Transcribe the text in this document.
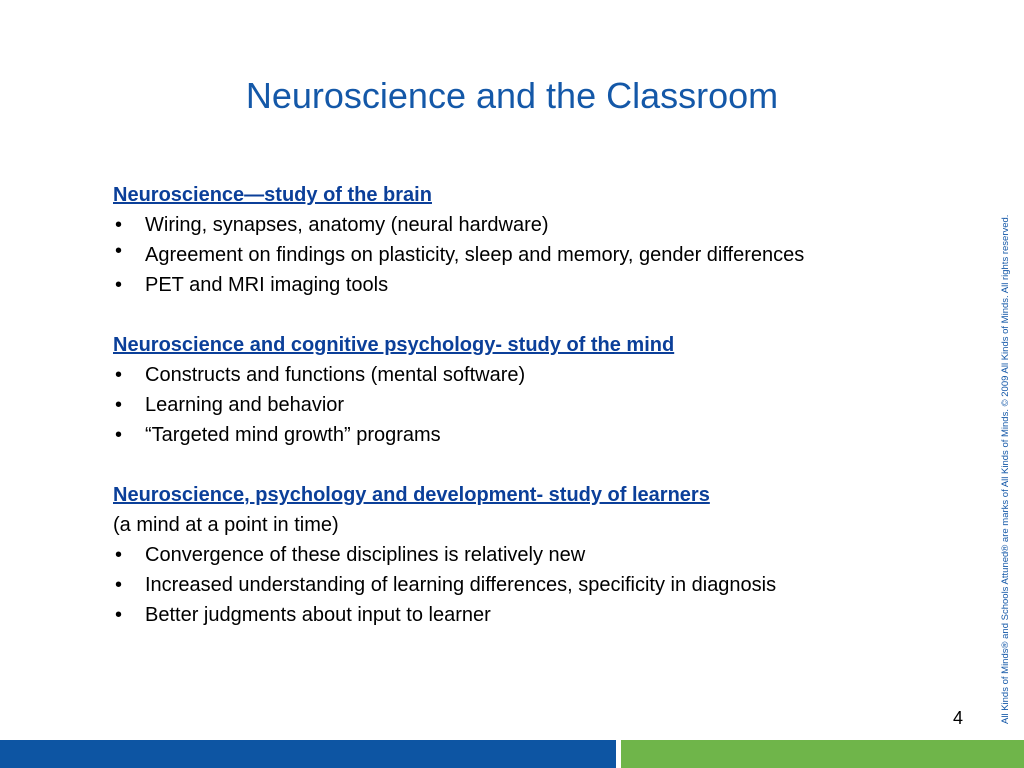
Neuroscience and the Classroom
Neuroscience—study of the brain
• Wiring, synapses, anatomy (neural hardware)
• Agreement on findings on plasticity, sleep and memory, gender differences
• PET and MRI imaging tools
Neuroscience and cognitive psychology- study of the mind
• Constructs and functions (mental software)
• Learning and behavior
• “Targeted mind growth” programs
Neuroscience, psychology and development- study of learners
(a mind at a point in time)
• Convergence of these disciplines is relatively new
• Increased understanding of learning differences, specificity in diagnosis
• Better judgments about input to learner	All Kinds of Minds® and Schools Attuned® are marks of All Kinds of Minds. © 2009 All Kinds of Minds. All rights reserved.
4
